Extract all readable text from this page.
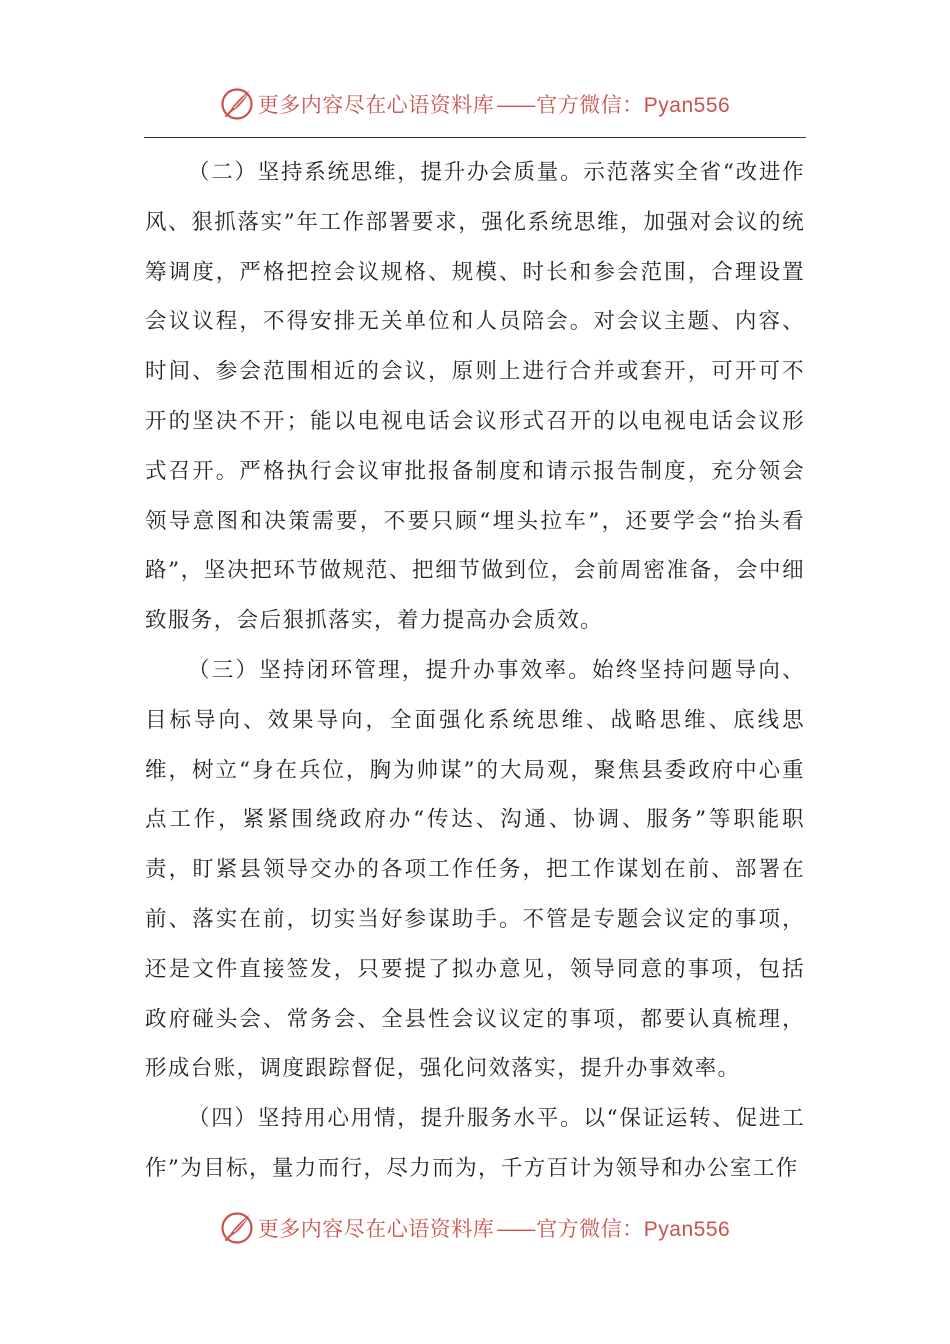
更多内容尽在心语资料库——官方微信：Pyan556

（二）坚持系统思维，提升办会质量。示范落实全省“改进作风、狠抓落实”年工作部署要求，强化系统思维，加强对会议的统筹调度，严格把控会议规格、规模、时长和参会范围，合理设置会议议程，不得安排无关单位和人员陪会。对会议主题、内容、时间、参会范围相近的会议，原则上进行合并或套开，可开可不开的坚决不开；能以电视电话会议形式召开的以电视电话会议形式召开。严格执行会议审批报备制度和请示报告制度，充分领会领导意图和决策需要，不要只顾“埋头拉车”，还要学会“抬头看路”，坚决把环节做规范、把细节做到位，会前周密准备，会中细致服务，会后狠抓落实，着力提高办会质效。

（三）坚持闭环管理，提升办事效率。始终坚持问题导向、目标导向、效果导向，全面强化系统思维、战略思维、底线思维，树立“身在兵位，胸为帅谋”的大局观，聚焦县委政府中心重点工作，紧紧围绕政府办“传达、沟通、协调、服务”等职能职责，盯紧县领导交办的各项工作任务，把工作谋划在前、部署在前、落实在前，切实当好参谋助手。不管是专题会议定的事项，还是文件直接签发，只要提了拟办意见，领导同意的事项，包括政府碰头会、常务会、全县性会议议定的事项，都要认真梳理，形成台账，调度跟踪督促，强化问效落实，提升办事效率。

（四）坚持用心用情，提升服务水平。以“保证运转、促进工作”为目标，量力而行，尽力而为，千方百计为领导和办公室工作

更多内容尽在心语资料库——官方微信：Pyan556
